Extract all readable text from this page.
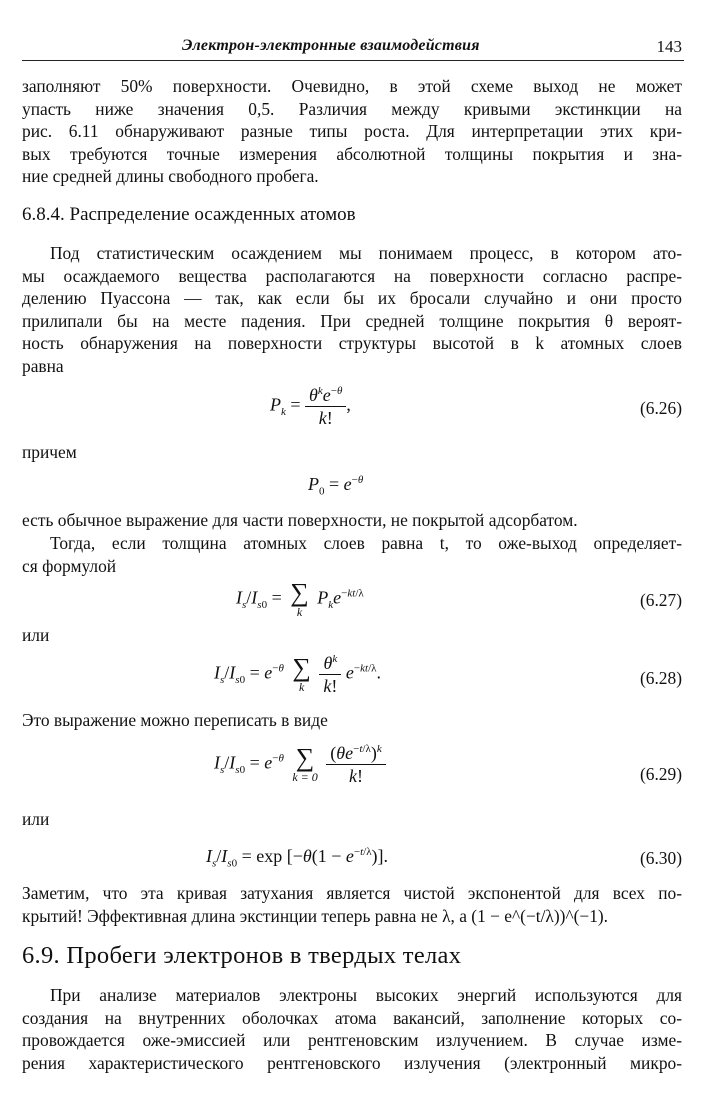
Электрон-электронные взаимодействия	143
заполняют 50% поверхности. Очевидно, в этой схеме выход не может
упасть ниже значения 0,5. Различия между кривыми экстинкции на
рис. 6.11 обнаруживают разные типы роста. Для интерпретации этих кри-
вых требуются точные измерения абсолютной толщины покрытия и зна-
ние средней длины свободного пробега.
6.8.4. Распределение осажденных атомов
Под статистическим осаждением мы понимаем процесс, в котором ато-
мы осаждаемого вещества располагаются на поверхности согласно распре-
делению Пуассона — так, как если бы их бросали случайно и они просто
прилипали бы на месте падения. При средней толщине покрытия θ вероят-
ность обнаружения на поверхности структуры высотой в k атомных слоев
равна
$P_k = \frac{\theta^ke^{-\theta}}{k!}$ ,	(6.26)
причем
$P_0 = e^{-\theta}$
есть обычное выражение для части поверхности, не покрытой адсорбатом.
Тогда, если толщина атомных слоев равна t, то оже-выход определяет-
ся формулой
$I_s/I_{s0}$ = ∑
k
$P_ke^{-kt/\lambda}$	(6.27)
или
$I_s/I_{s0} = e^{-\theta}$ ∑
k
$\frac{\theta^k}{k!} e^{-kt/\lambda}$.	(6.28)
Это выражение можно переписать в виде
$I_s/I_{s0} = e^{-\theta}$ ∑
k = 0
$\frac{(\theta e^{-t/\lambda})^k}{k!}$	(6.29)
или
$I_s/I_{s0} = \exp [-\theta(1 - e^{-t/\lambda})]$.	(6.30)
Заметим, что эта кривая затухания является чистой экспонентой для всех по-
крытий! Эффективная длина экстинции теперь равна не λ, а (1 − e^(−t/λ))^(−1).
6.9. Пробеги электронов в твердых телах
При анализе материалов электроны высоких энергий используются для
создания на внутренних оболочках атома вакансий, заполнение которых со-
провождается оже-эмиссией или рентгеновским излучением. В случае изме-
рения характеристического рентгеновского излучения (электронный микро-
